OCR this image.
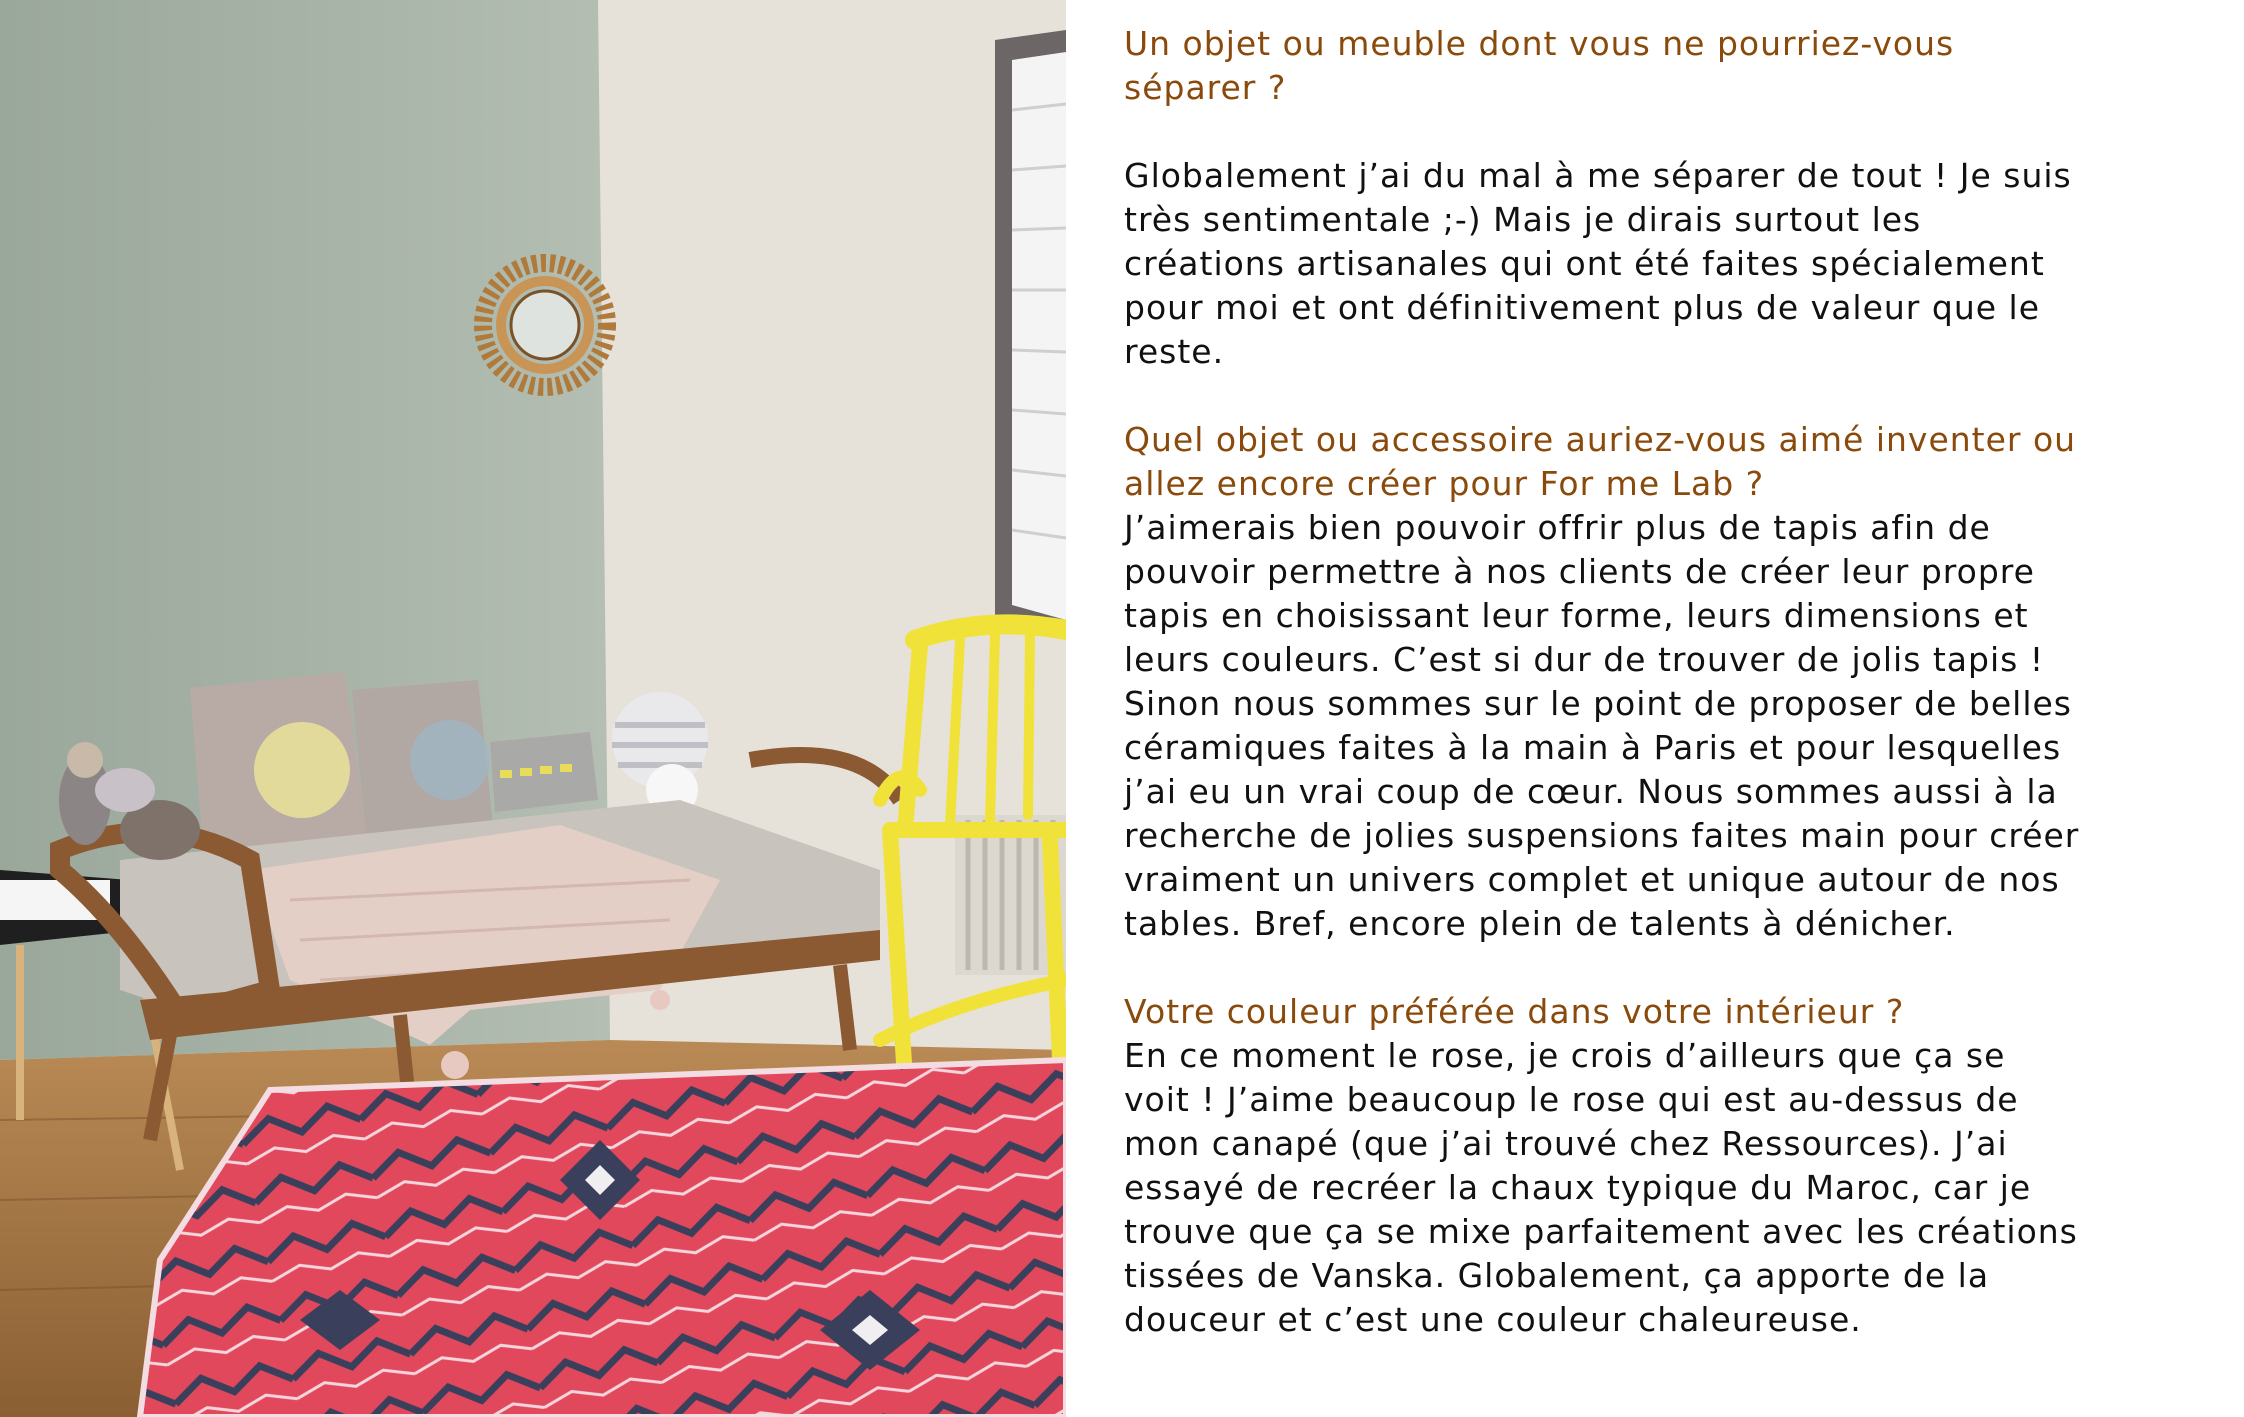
Un objet ou meuble dont vous ne pourriez-vous
séparer ?

Globalement j’ai du mal à me séparer de tout ! Je suis
très sentimentale ;-) Mais je dirais surtout les
créations artisanales qui ont été faites spécialement
pour moi et ont définitivement plus de valeur que le
reste.

Quel objet ou accessoire auriez-vous aimé inventer ou
allez encore créer pour For me Lab ?

J’aimerais bien pouvoir offrir plus de tapis afin de
pouvoir permettre à nos clients de créer leur propre
tapis en choisissant leur forme, leurs dimensions et
leurs couleurs. C’est si dur de trouver de jolis tapis !
Sinon nous sommes sur le point de proposer de belles
céramiques faites à la main à Paris et pour lesquelles
j’ai eu un vrai coup de cœur. Nous sommes aussi à la
recherche de jolies suspensions faites main pour créer
vraiment un univers complet et unique autour de nos
tables. Bref, encore plein de talents à dénicher.

Votre couleur préférée dans votre intérieur ?

En ce moment le rose, je crois d’ailleurs que ça se
voit ! J’aime beaucoup le rose qui est au-dessus de
mon canapé (que j’ai trouvé chez Ressources). J’ai
essayé de recréer la chaux typique du Maroc, car je
trouve que ça se mixe parfaitement avec les créations
tissées de Vanska. Globalement, ça apporte de la
douceur et c’est une couleur chaleureuse.
